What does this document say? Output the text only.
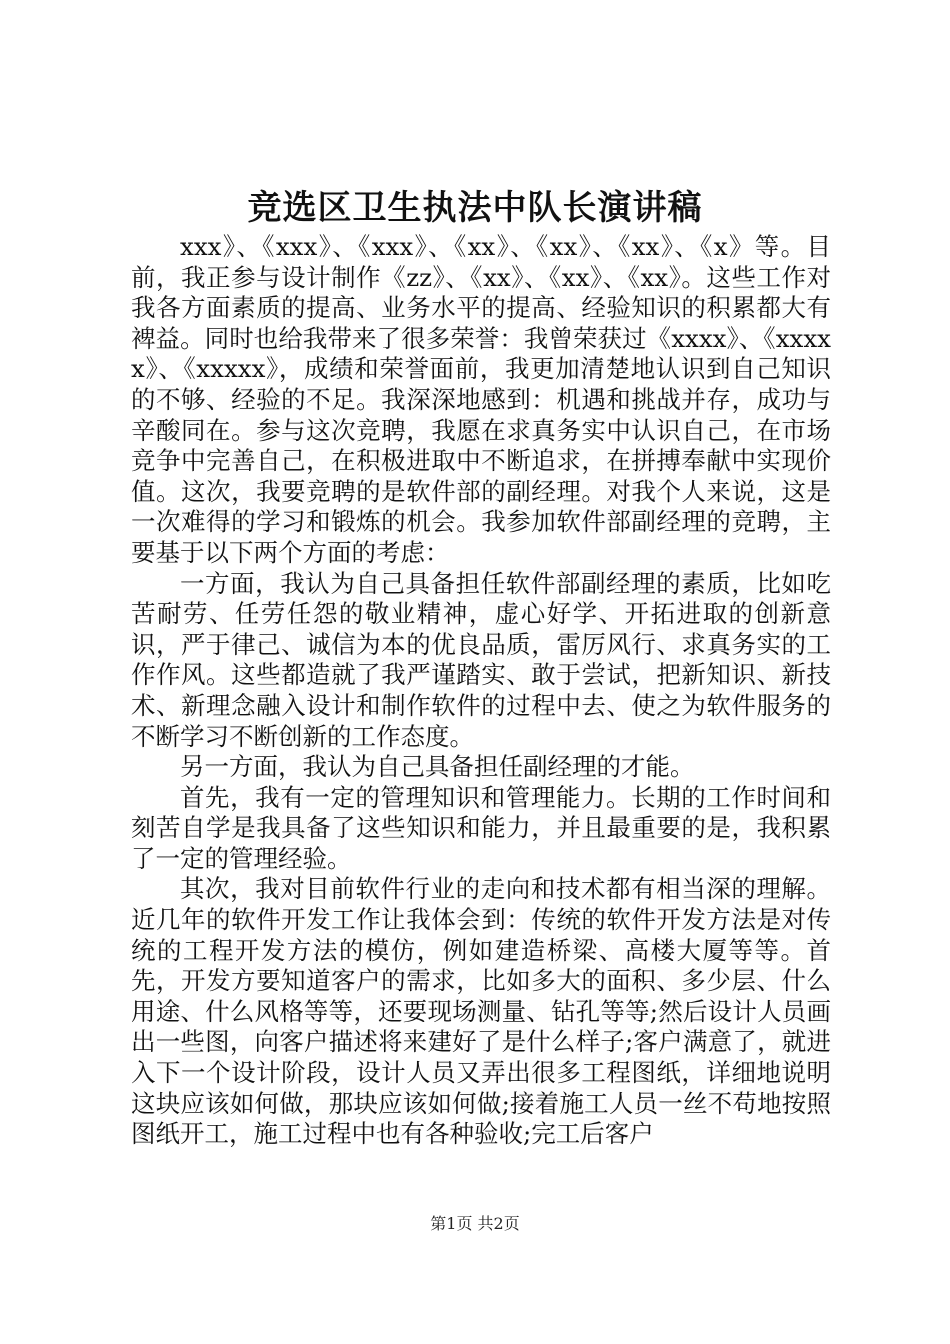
竞选区卫生执法中队长演讲稿

xxx》、《xxx》、《xxx》、《xx》、《xx》、《xx》、《x》等。目前，我正参与设计制作《zz》、《xx》、《xx》、《xx》。这些工作对我各方面素质的提高、业务水平的提高、经验知识的积累都大有裨益。同时也给我带来了很多荣誉：我曾荣获过《xxxx》、《xxxxx》、《xxxxx》，成绩和荣誉面前，我更加清楚地认识到自己知识的不够、经验的不足。我深深地感到：机遇和挑战并存，成功与辛酸同在。参与这次竞聘，我愿在求真务实中认识自己，在市场竞争中完善自己，在积极进取中不断追求，在拼搏奉献中实现价值。这次，我要竞聘的是软件部的副经理。对我个人来说，这是一次难得的学习和锻炼的机会。我参加软件部副经理的竞聘，主要基于以下两个方面的考虑：

一方面，我认为自己具备担任软件部副经理的素质，比如吃苦耐劳、任劳任怨的敬业精神，虚心好学、开拓进取的创新意识，严于律己、诚信为本的优良品质，雷厉风行、求真务实的工作作风。这些都造就了我严谨踏实、敢于尝试，把新知识、新技术、新理念融入设计和制作软件的过程中去、使之为软件服务的不断学习不断创新的工作态度。

另一方面，我认为自己具备担任副经理的才能。

首先，我有一定的管理知识和管理能力。长期的工作时间和刻苦自学是我具备了这些知识和能力，并且最重要的是，我积累了一定的管理经验。

其次，我对目前软件行业的走向和技术都有相当深的理解。近几年的软件开发工作让我体会到：传统的软件开发方法是对传统的工程开发方法的模仿，例如建造桥梁、高楼大厦等等。首先，开发方要知道客户的需求，比如多大的面积、多少层、什么用途、什么风格等等，还要现场测量、钻孔等等;然后设计人员画出一些图，向客户描述将来建好了是什么样子;客户满意了，就进入下一个设计阶段，设计人员又弄出很多工程图纸，详细地说明这块应该如何做，那块应该如何做;接着施工人员一丝不苟地按照图纸开工，施工过程中也有各种验收;完工后客户

第1页 共2页
